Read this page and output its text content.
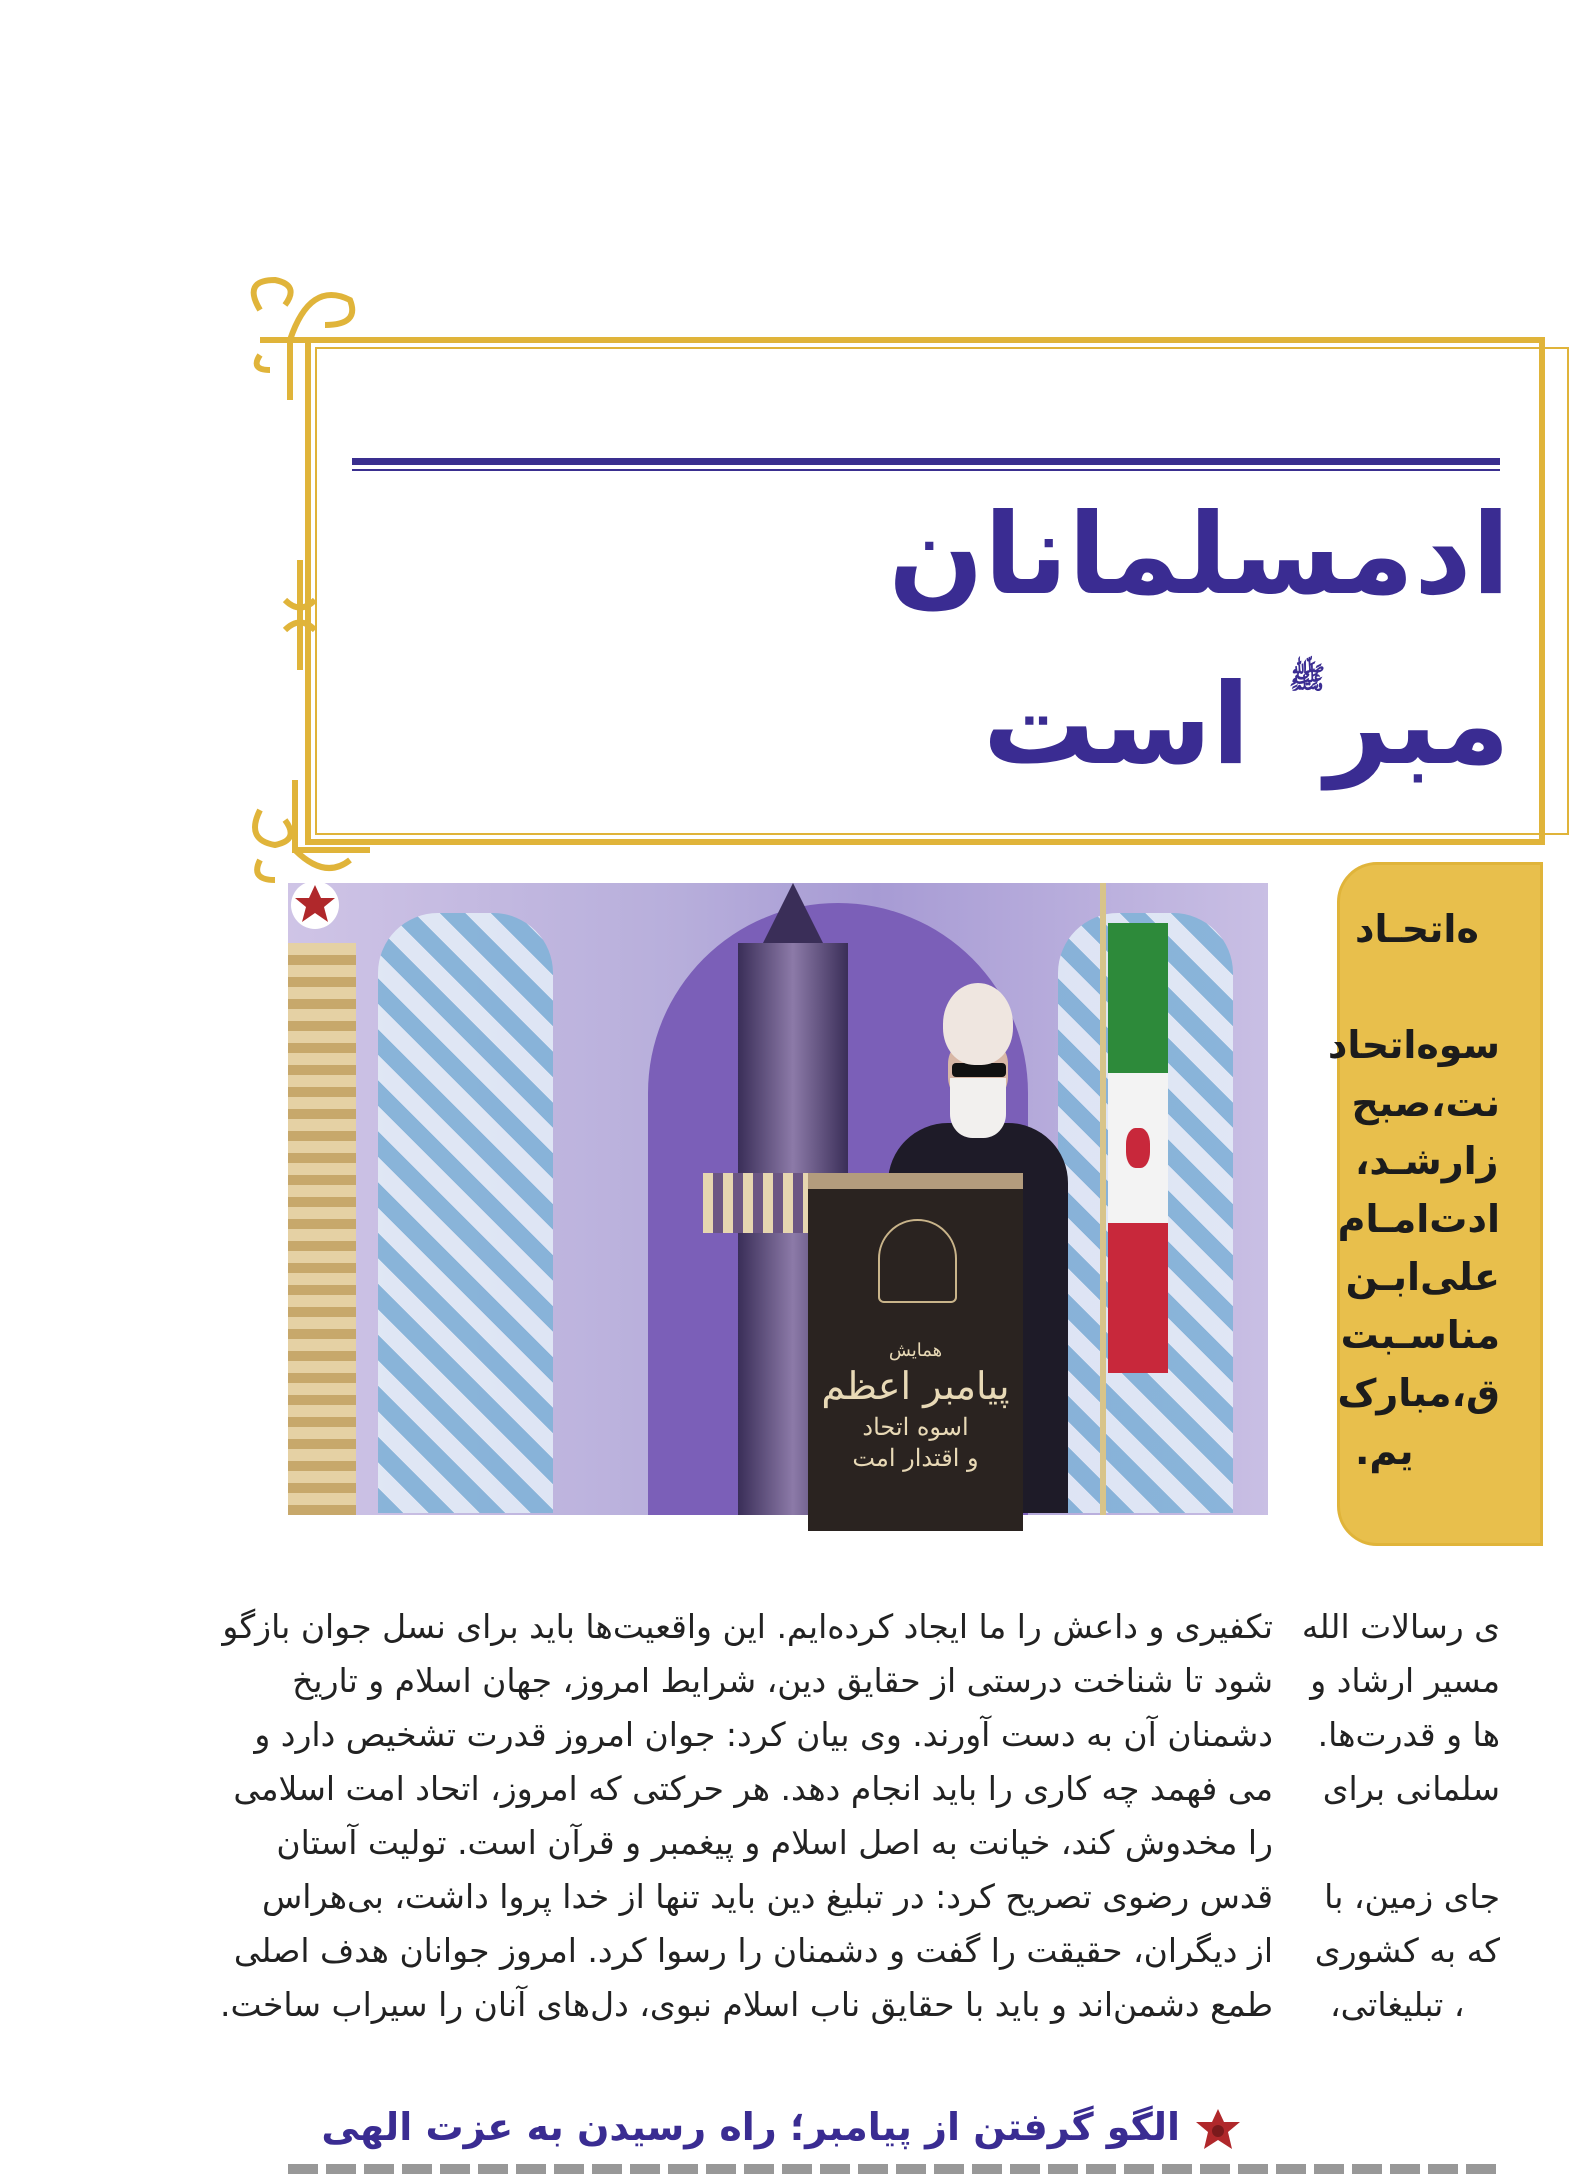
ادمسلمانان
مبر$^ﷺ$ است
همایش
پیامبر اعظم
اسوه اتحاد
و اقتدار امت
ه‌اتحـاد

سوه‌اتحاد
نت،صبح
‌زارشـد،
ادت‌امـام
علی‌ابـن
مناسـبت
ق،مبارک
یم.
تکفیری و داعش را ما ایجاد کرده‌ایم. این واقعیت‌ها باید برای نسل جوان بازگو
شود تا شناخت درستی از حقایق دین، شرایط امروز، جهان اسلام و تاریخ
دشمنان آن به دست آورند. وی بیان کرد: جوان امروز قدرت تشخیص دارد و
می فهمد چه کاری را باید انجام دهد. هر حرکتی که امروز، اتحاد امت اسلامی
را مخدوش کند، خیانت به اصل اسلام و پیغمبر و قرآن است. تولیت آستان
قدس رضوی تصریح کرد: در تبلیغ دین باید تنها از خدا پروا داشت، بی‌هراس
از دیگران، حقیقت را گفت و دشمنان را رسوا کرد. امروز جوانان هدف اصلی
طمع دشمن‌اند و باید با حقایق ناب اسلام نبوی، دل‌های آنان را سیراب ساخت.
ی رسالات الله
مسیر ارشاد و
ها و قدرت‌ها.
سلمانی برای
جای زمین، با
که به کشوری
، تبلیغاتی،
الگو گرفتن از پیامبر؛ راه رسیدن به عزت الهی
